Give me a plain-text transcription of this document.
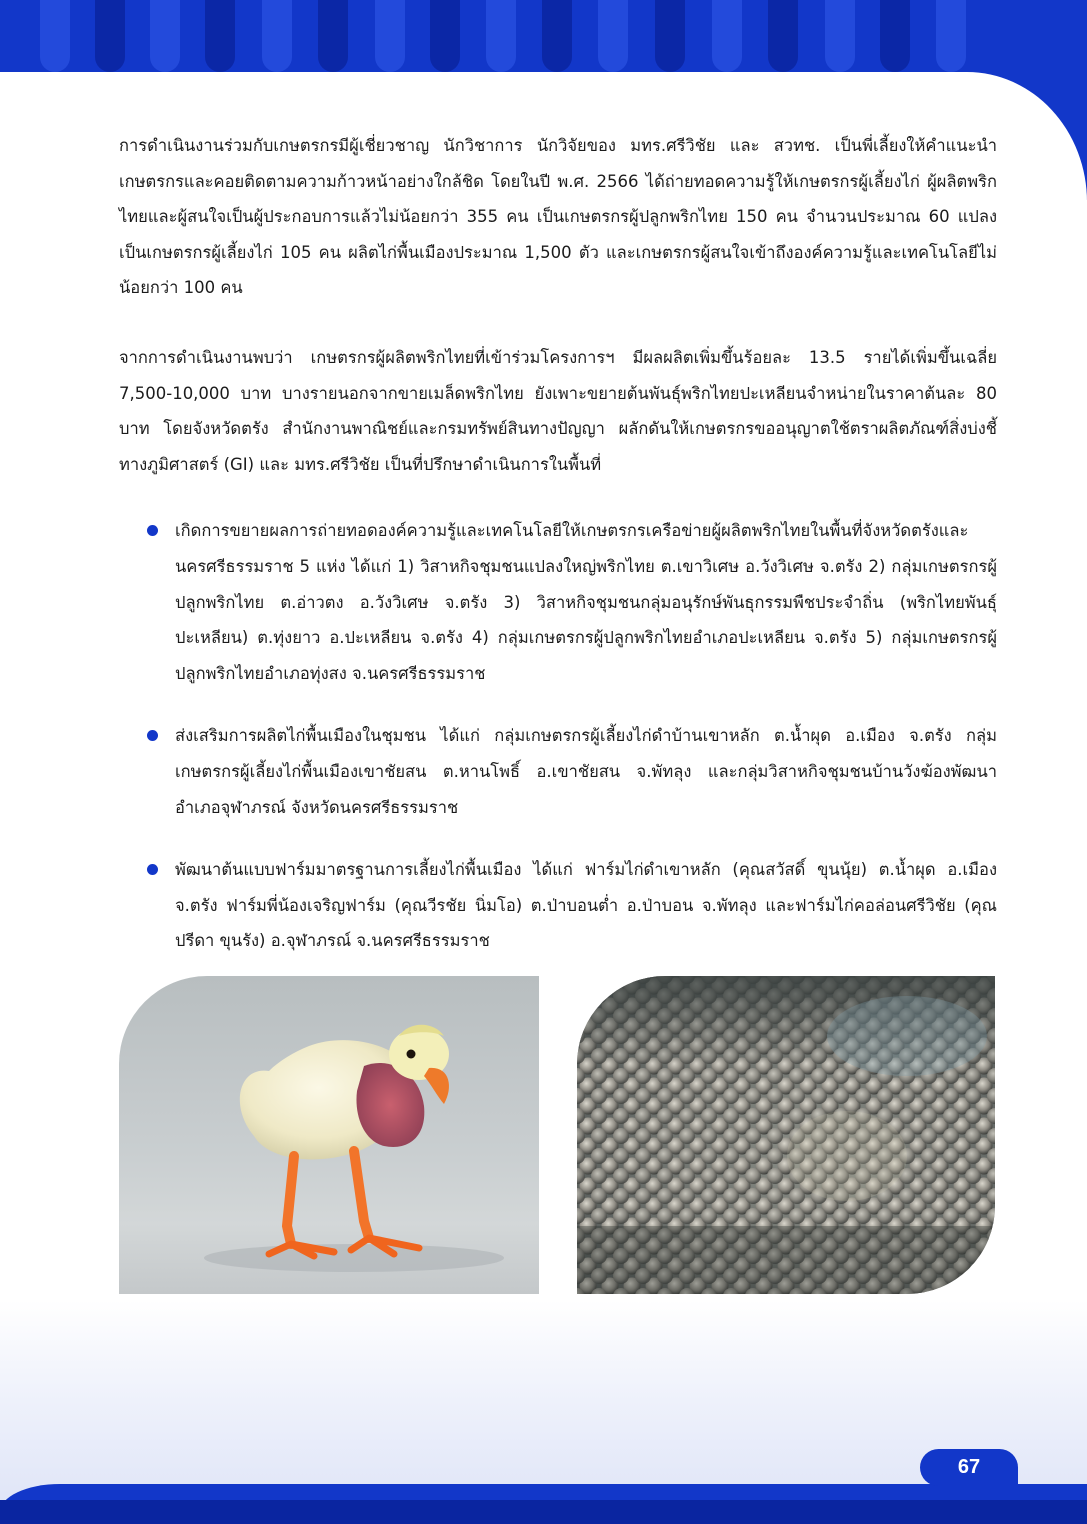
67

การดำเนินงานร่วมกับเกษตรกรมีผู้เชี่ยวชาญ นักวิชาการ นักวิจัยของ มทร.ศรีวิชัย และ สวทช. เป็นพี่เลี้ยงให้คำแนะนำเกษตรกรและคอยติดตามความก้าวหน้าอย่างใกล้ชิด โดยในปี พ.ศ. 2566 ได้ถ่ายทอดความรู้ให้เกษตรกรผู้เลี้ยงไก่ ผู้ผลิตพริกไทยและผู้สนใจเป็นผู้ประกอบการแล้วไม่น้อยกว่า 355 คน เป็นเกษตรกรผู้ปลูกพริกไทย 150 คน จำนวนประมาณ 60 แปลง เป็นเกษตรกรผู้เลี้ยงไก่ 105 คน ผลิตไก่พื้นเมืองประมาณ 1,500 ตัว และเกษตรกรผู้สนใจเข้าถึงองค์ความรู้และเทคโนโลยีไม่น้อยกว่า 100 คน

จากการดำเนินงานพบว่า เกษตรกรผู้ผลิตพริกไทยที่เข้าร่วมโครงการฯ มีผลผลิตเพิ่มขึ้นร้อยละ 13.5 รายได้เพิ่มขึ้นเฉลี่ย 7,500-10,000 บาท บางรายนอกจากขายเมล็ดพริกไทย ยังเพาะขยายต้นพันธุ์พริกไทยปะเหลียนจำหน่ายในราคาต้นละ 80 บาท โดยจังหวัดตรัง สำนักงานพาณิชย์และกรมทรัพย์สินทางปัญญา ผลักดันให้เกษตรกรขออนุญาตใช้ตราผลิตภัณฑ์สิ่งบ่งชี้ทางภูมิศาสตร์ (GI) และ มทร.ศรีวิชัย เป็นที่ปรึกษาดำเนินการในพื้นที่

เกิดการขยายผลการถ่ายทอดองค์ความรู้และเทคโนโลยีให้เกษตรกรเครือข่ายผู้ผลิตพริกไทยในพื้นที่จังหวัดตรังและนครศรีธรรมราช 5 แห่ง ได้แก่ 1) วิสาหกิจชุมชนแปลงใหญ่พริกไทย ต.เขาวิเศษ อ.วังวิเศษ จ.ตรัง 2) กลุ่มเกษตรกรผู้ปลูกพริกไทย ต.อ่าวตง อ.วังวิเศษ จ.ตรัง 3) วิสาหกิจชุมชนกลุ่มอนุรักษ์พันธุกรรมพืชประจำถิ่น (พริกไทยพันธุ์ปะเหลียน) ต.ทุ่งยาว อ.ปะเหลียน จ.ตรัง 4) กลุ่มเกษตรกรผู้ปลูกพริกไทยอำเภอปะเหลียน จ.ตรัง 5) กลุ่มเกษตรกรผู้ปลูกพริกไทยอำเภอทุ่งสง จ.นครศรีธรรมราช
ส่งเสริมการผลิตไก่พื้นเมืองในชุมชน ได้แก่ กลุ่มเกษตรกรผู้เลี้ยงไก่ดำบ้านเขาหลัก ต.น้ำผุด อ.เมือง จ.ตรัง กลุ่มเกษตรกรผู้เลี้ยงไก่พื้นเมืองเขาชัยสน ต.หานโพธิ์ อ.เขาชัยสน จ.พัทลุง และกลุ่มวิสาหกิจชุมชนบ้านวังฆ้องพัฒนา อำเภอจุฬาภรณ์ จังหวัดนครศรีธรรมราช
พัฒนาต้นแบบฟาร์มมาตรฐานการเลี้ยงไก่พื้นเมือง ได้แก่ ฟาร์มไก่ดำเขาหลัก (คุณสวัสดิ์ ขุนนุ้ย) ต.น้ำผุด อ.เมือง จ.ตรัง ฟาร์มพี่น้องเจริญฟาร์ม (คุณวีรชัย นิ่มโอ) ต.ป่าบอนต่ำ อ.ป่าบอน จ.พัทลุง และฟาร์มไก่คอล่อนศรีวิชัย (คุณปรีดา ขุนรัง) อ.จุฬาภรณ์ จ.นครศรีธรรมราช
